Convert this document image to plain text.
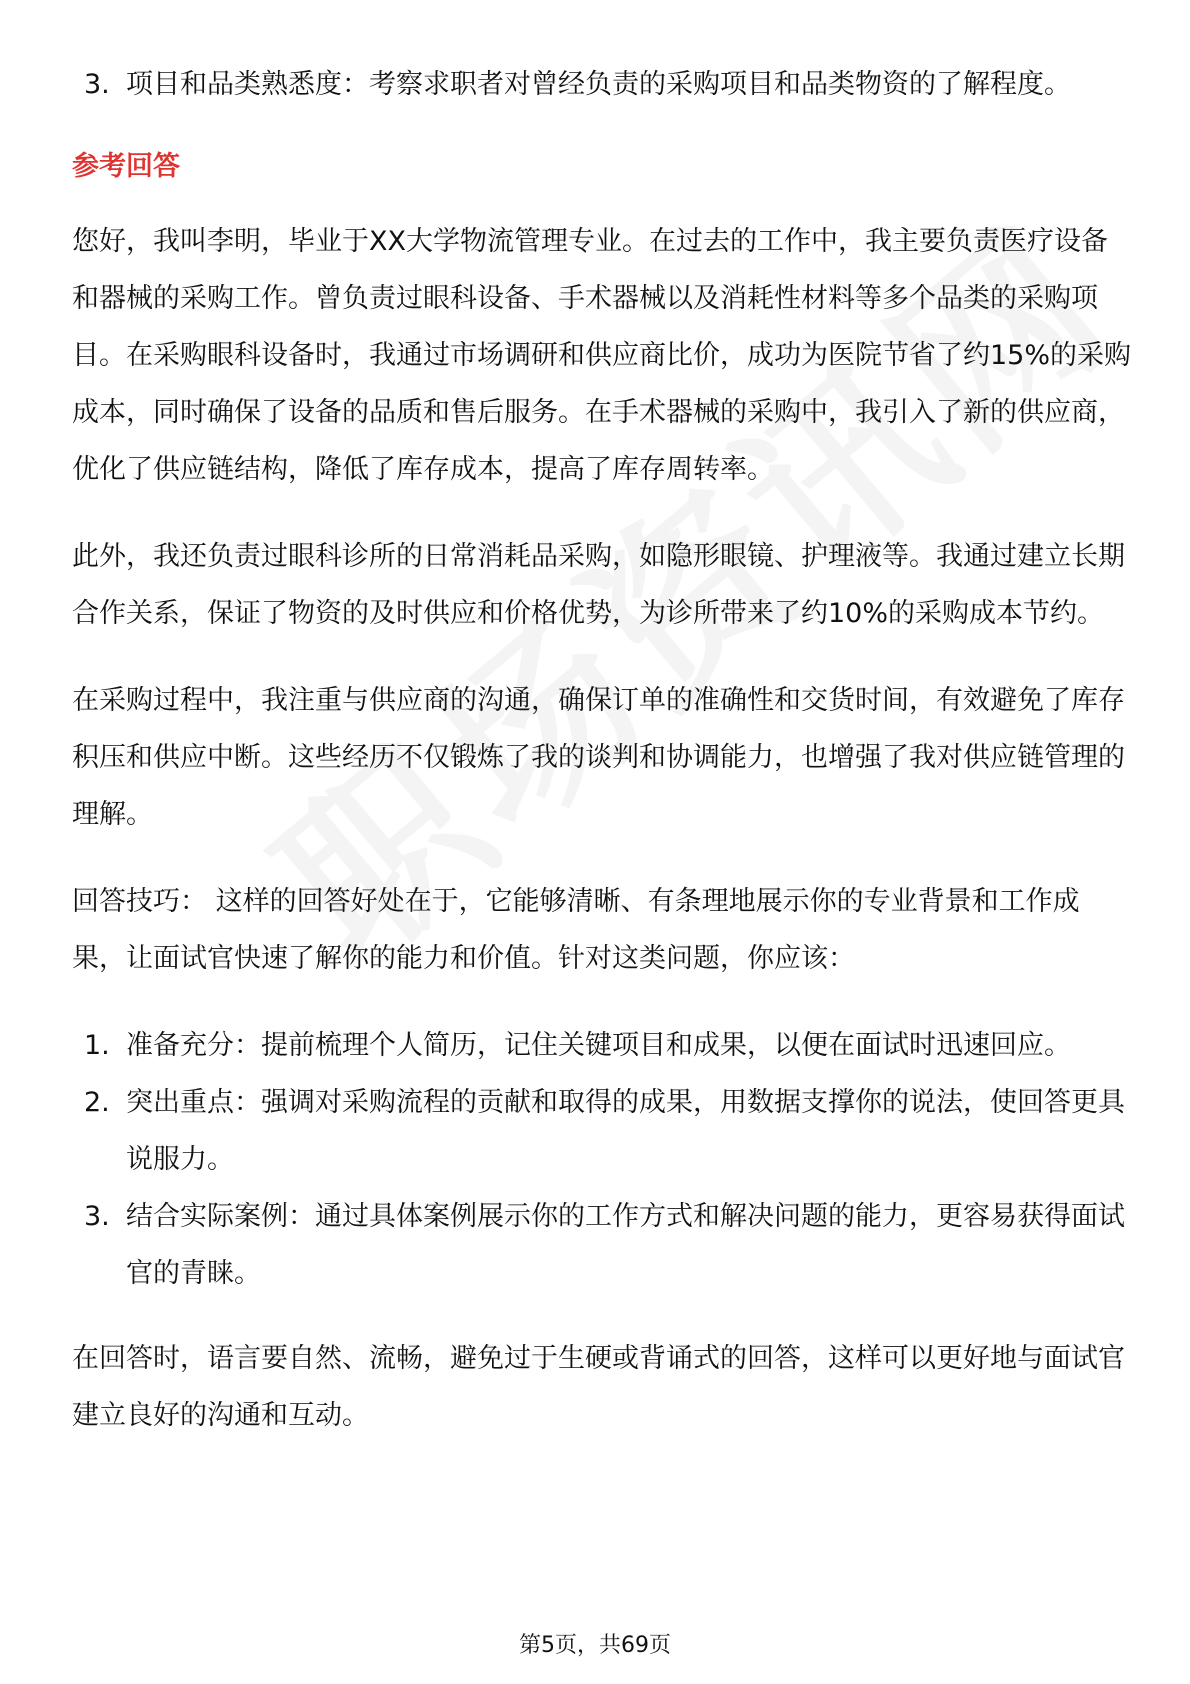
3. 项目和品类熟悉度：考察求职者对曾经负责的采购项目和品类物资的了解程度。
参考回答

您好，我叫李明，毕业于XX大学物流管理专业。在过去的工作中，我主要负责医疗设备和器械的采购工作。曾负责过眼科设备、手术器械以及消耗性材料等多个品类的采购项目。在采购眼科设备时，我通过市场调研和供应商比价，成功为医院节省了约15%的采购成本，同时确保了设备的品质和售后服务。在手术器械的采购中，我引入了新的供应商，优化了供应链结构，降低了库存成本，提高了库存周转率。

此外，我还负责过眼科诊所的日常消耗品采购，如隐形眼镜、护理液等。我通过建立长期合作关系，保证了物资的及时供应和价格优势，为诊所带来了约10%的采购成本节约。

在采购过程中，我注重与供应商的沟通，确保订单的准确性和交货时间，有效避免了库存积压和供应中断。这些经历不仅锻炼了我的谈判和协调能力，也增强了我对供应链管理的理解。

回答技巧： 这样的回答好处在于，它能够清晰、有条理地展示你的专业背景和工作成果，让面试官快速了解你的能力和价值。针对这类问题，你应该：

1. 准备充分：提前梳理个人简历，记住关键项目和成果，以便在面试时迅速回应。
2. 突出重点：强调对采购流程的贡献和取得的成果，用数据支撑你的说法，使回答更具说服力。
3. 结合实际案例：通过具体案例展示你的工作方式和解决问题的能力，更容易获得面试官的青睐。

在回答时，语言要自然、流畅，避免过于生硬或背诵式的回答，这样可以更好地与面试官建立良好的沟通和互动。

第5页，共69页
